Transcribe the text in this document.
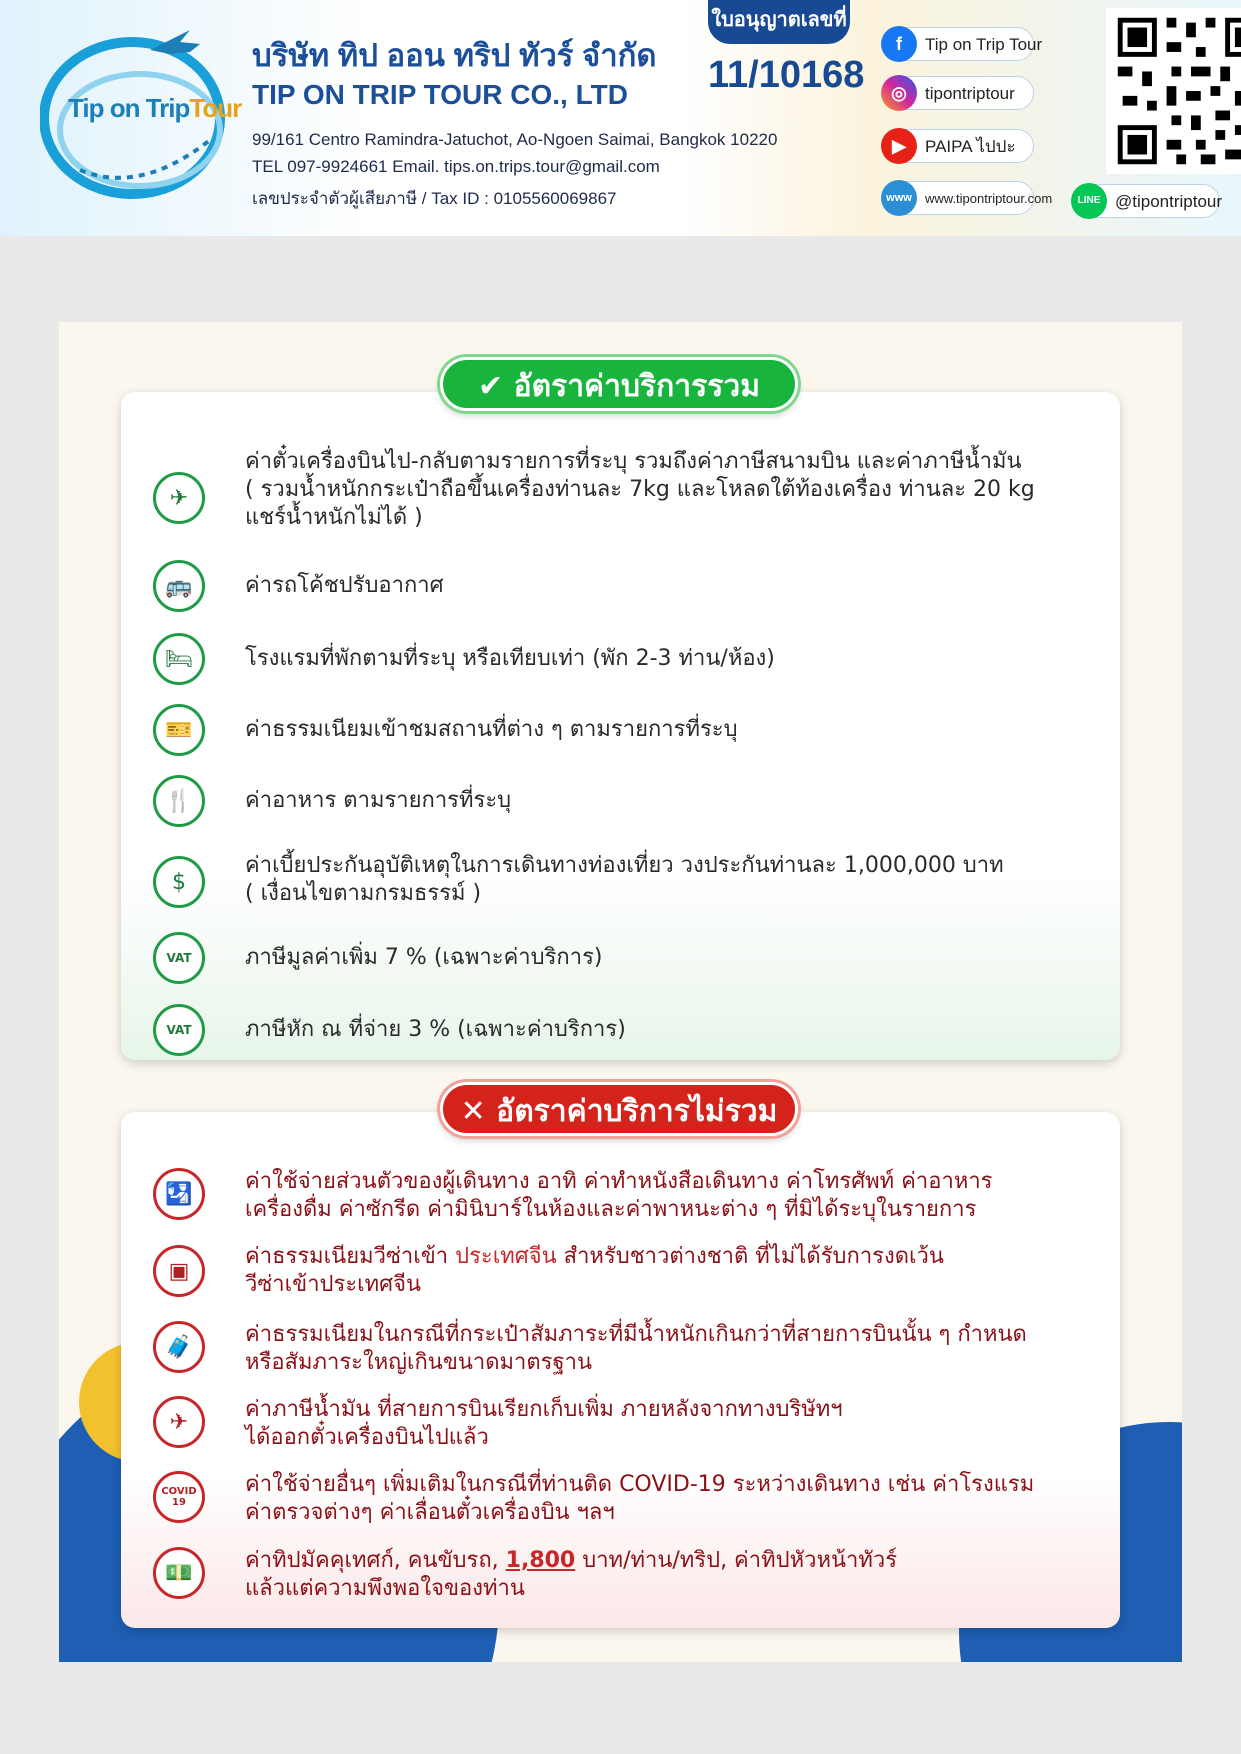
Tip on TripTour
บริษัท ทิป ออน ทริป ทัวร์ จำกัด
TIP ON TRIP TOUR CO., LTD
99/161 Centro Ramindra-Jatuchot, Ao-Ngoen Saimai, Bangkok 10220
TEL 097-9924661 Email. tips.on.trips.tour@gmail.com
เลขประจำตัวผู้เสียภาษี / Tax ID : 0105560069867
ใบอนุญาตเลขที่
11/10168
f	Tip on Trip Tour
◎	tipontriptour
▶	PAIPA ไปปะ
www	www.tipontriptour.com	LINE @tipontriptour
✈
ค่าตั๋วเครื่องบินไป-กลับตามรายการที่ระบุ รวมถึงค่าภาษีสนามบิน และค่าภาษีน้ำมัน
( รวมน้ำหนักกระเป๋าถือขึ้นเครื่องท่านละ 7kg และโหลดใต้ท้องเครื่อง ท่านละ 20 kg
แชร์น้ำหนักไม่ได้ )
🚌	ค่ารถโค้ชปรับอากาศ
🛏	โรงแรมที่พักตามที่ระบุ หรือเทียบเท่า (พัก 2-3 ท่าน/ห้อง)
🎫	ค่าธรรมเนียมเข้าชมสถานที่ต่าง ๆ ตามรายการที่ระบุ
🍴	ค่าอาหาร ตามรายการที่ระบุ
$
ค่าเบี้ยประกันอุบัติเหตุในการเดินทางท่องเที่ยว วงประกันท่านละ 1,000,000 บาท
( เงื่อนไขตามกรมธรรม์ )
VAT	ภาษีมูลค่าเพิ่ม 7 % (เฉพาะค่าบริการ)
VAT	ภาษีหัก ณ ที่จ่าย 3 % (เฉพาะค่าบริการ)
✔ อัตราค่าบริการรวม
🛂	ค่าใช้จ่ายส่วนตัวของผู้เดินทาง อาทิ ค่าทำหนังสือเดินทาง ค่าโทรศัพท์ ค่าอาหาร
เครื่องดื่ม ค่าซักรีด ค่ามินิบาร์ในห้องและค่าพาหนะต่าง ๆ ที่มิได้ระบุในรายการ
▣
ค่าธรรมเนียมวีซ่าเข้า ประเทศจีน สำหรับชาวต่างชาติ ที่ไม่ได้รับการงดเว้น
วีซ่าเข้าประเทศจีน
🧳	ค่าธรรมเนียมในกรณีที่กระเป๋าสัมภาระที่มีน้ำหนักเกินกว่าที่สายการบินนั้น ๆ กำหนด
หรือสัมภาระใหญ่เกินขนาดมาตรฐาน
✈	ค่าภาษีน้ำมัน ที่สายการบินเรียกเก็บเพิ่ม ภายหลังจากทางบริษัทฯ
ได้ออกตั๋วเครื่องบินไปแล้ว
COVID 19
ค่าใช้จ่ายอื่นๆ เพิ่มเติมในกรณีที่ท่านติด COVID-19 ระหว่างเดินทาง เช่น ค่าโรงแรม
ค่าตรวจต่างๆ ค่าเลื่อนตั๋วเครื่องบิน ฯลฯ
💵	ค่าทิปมัคคุเทศก์, คนขับรถ, 1,800 บาท/ท่าน/ทริป, ค่าทิปหัวหน้าทัวร์
แล้วแต่ความพึงพอใจของท่าน
✕ อัตราค่าบริการไม่รวม
